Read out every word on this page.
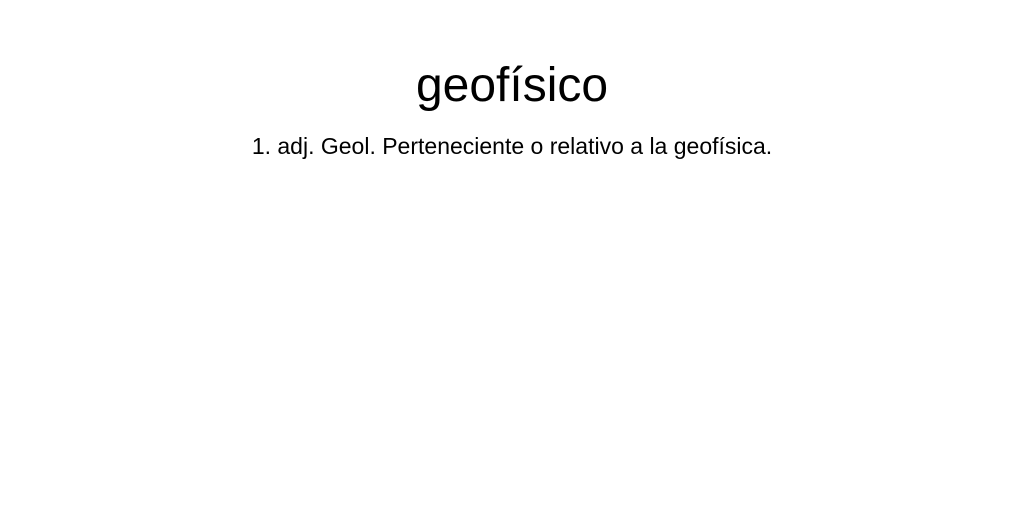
geofísico

1. adj. Geol. Perteneciente o relativo a la geofísica.
